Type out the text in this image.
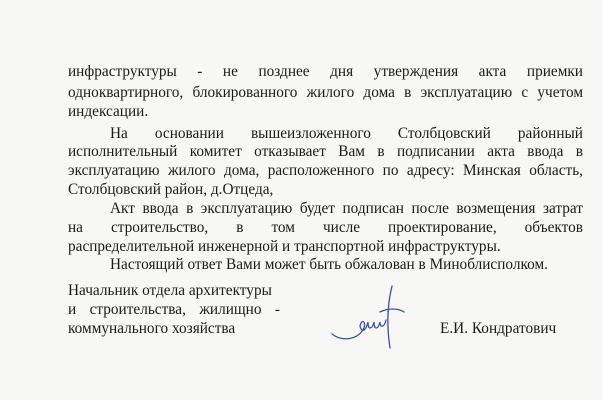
инфраструктуры - не позднее дня утверждения акта приемки
одноквартирного, блокированного жилого дома в эксплуатацию с учетом
индексации.
На основании вышеизложенного Столбцовский районный
исполнительный комитет отказывает Вам в подписании акта ввода в
эксплуатацию жилого дома, расположенного по адресу: Минская область,
Столбцовский район, д.Отцеда,
Акт ввода в эксплуатацию будет подписан после возмещения затрат
на строительство, в том числе проектирование, объектов
распределительной инженерной и транспортной инфраструктуры.
Настоящий ответ Вами может быть обжалован в Миноблисполком.
Начальник отдела архитектуры
и строительства, жилищно -
коммунального хозяйства	Е.И. Кондратович
